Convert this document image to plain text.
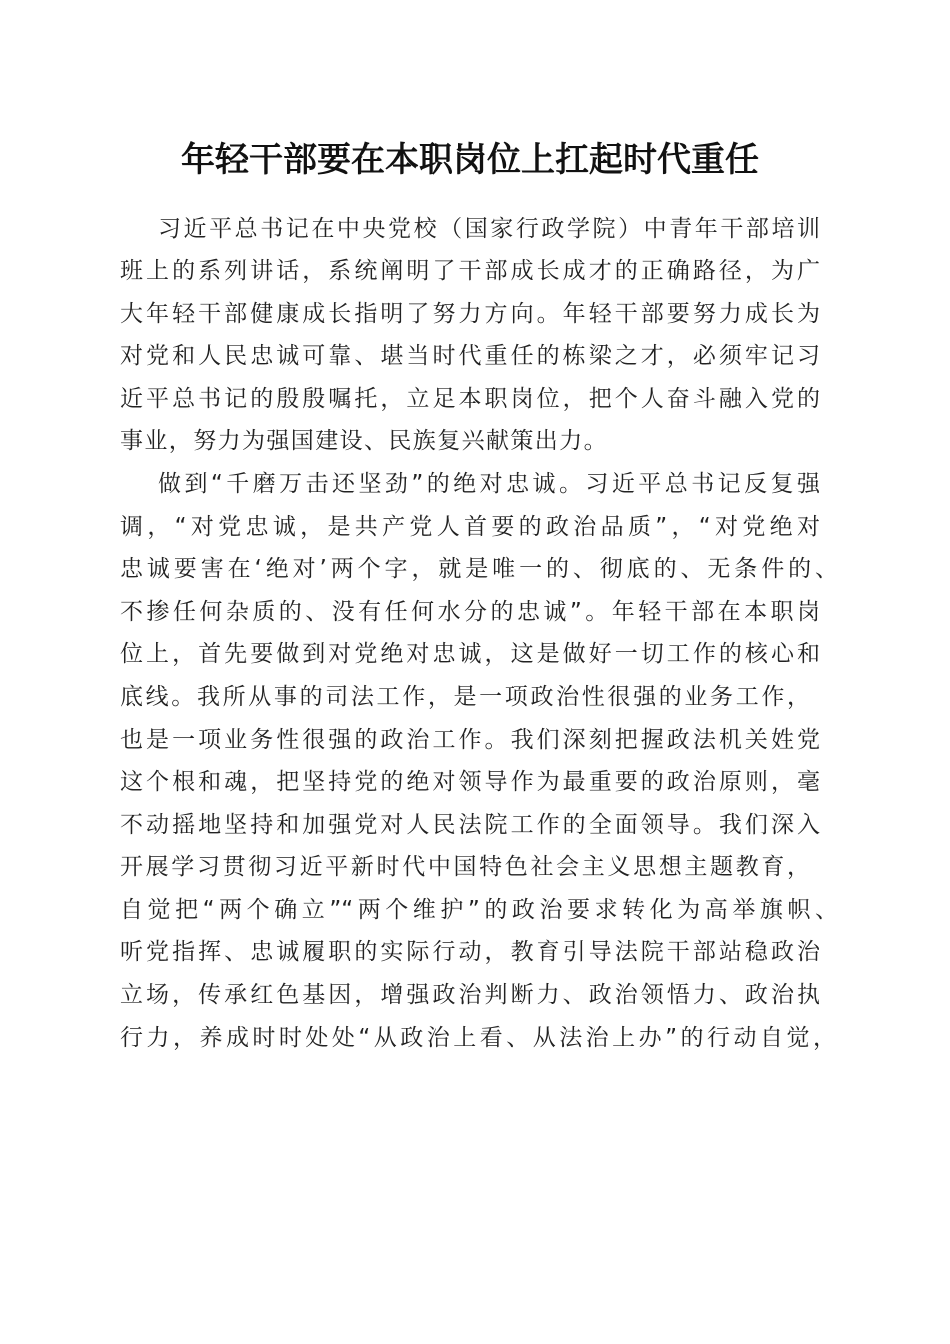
年轻干部要在本职岗位上扛起时代重任
习近平总书记在中央党校（国家行政学院）中青年干部培训
班上的系列讲话，系统阐明了干部成长成才的正确路径，为广
大年轻干部健康成长指明了努力方向。年轻干部要努力成长为
对党和人民忠诚可靠、堪当时代重任的栋梁之才，必须牢记习
近平总书记的殷殷嘱托，立足本职岗位，把个人奋斗融入党的
事业，努力为强国建设、民族复兴献策出力。
做到“千磨万击还坚劲”的绝对忠诚。习近平总书记反复强
调，“对党忠诚，是共产党人首要的政治品质”，“对党绝对
忠诚要害在‘绝对’两个字，就是唯一的、彻底的、无条件的、
不掺任何杂质的、没有任何水分的忠诚”。年轻干部在本职岗
位上，首先要做到对党绝对忠诚，这是做好一切工作的核心和
底线。我所从事的司法工作，是一项政治性很强的业务工作，
也是一项业务性很强的政治工作。我们深刻把握政法机关姓党
这个根和魂，把坚持党的绝对领导作为最重要的政治原则，毫
不动摇地坚持和加强党对人民法院工作的全面领导。我们深入
开展学习贯彻习近平新时代中国特色社会主义思想主题教育，
自觉把“两个确立”“两个维护”的政治要求转化为高举旗帜、
听党指挥、忠诚履职的实际行动，教育引导法院干部站稳政治
立场，传承红色基因，增强政治判断力、政治领悟力、政治执
行力，养成时时处处“从政治上看、从法治上办”的行动自觉，
